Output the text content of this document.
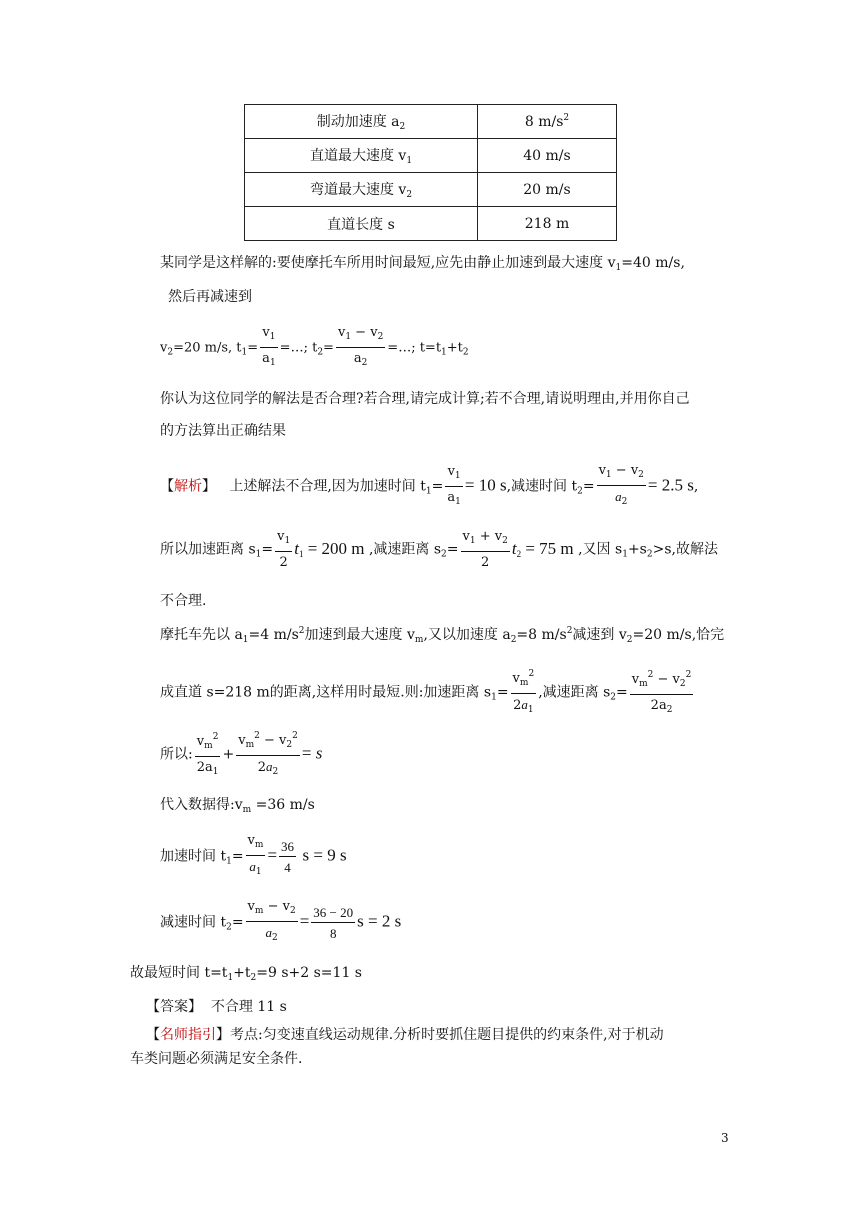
制动加速度 $a_2$	8 $m/s^2$
直道最大速度 $v_1$	40 m/s
弯道最大速度 $v_2$	20 m/s
直道长度 s	218 m
某同学是这样解的:要使摩托车所用时间最短,应先由静止加速到最大速度 $v_1=40$ m/s,
然后再减速到
$v_2=20$ m/s, $t_1= \frac{v_1}{a_1}$ =…; $t_2= \frac{v_1 - v_2}{a_2}$ =…; $t=t_1+t_2$
你认为这位同学的解法是否合理?若合理,请完成计算;若不合理,请说明理由,并用你自己
的方法算出正确结果
【解析】 上述解法不合理,因为加速时间 $t_1= \frac{v_1}{a_1} = 10$ s,减速时间 $t_2= \frac{v_1 - v_2}{a_2} = 2.5$ s,
所以加速距离 $s_1= \frac{v_1}{2} t_1 = 200$ m ,减速距离 $s_2= \frac{v_1 + v_2}{2} t_2 = 75$ m ,又因 $s_1+s_2>s$,故解法
不合理.
摩托车先以 $a_1=4$ $m/s^2$加速到最大速度 $v_m$,又以加速度 $a_2=8$ $m/s^2$减速到 $v_2=20$ m/s,恰完
成直道 s=218 m的距离,这样用时最短.则:加速距离 $s_1= \frac{v_m^2}{2a_1}$ ,减速距离 $s_2= \frac{v_m^2 - v_2^2}{2a_2}$
所以: $\frac{v_m^2}{2a_1} + \frac{v_m^2 - v_2^2}{2a_2} = s$
代入数据得$:v_m =36$ m/s
加速时间 $t_1= \frac{v_m}{a_1} = \frac{36}{4}$ s = 9 s
减速时间 $t_2= \frac{v_m - v_2}{a_2} = \frac{36 - 20}{8}$ s = 2 s
故最短时间 $t=t_1+t_2=9$ s+2 s=11 s
【答案】 不合理 11 s
【名师指引】考点:匀变速直线运动规律.分析时要抓住题目提供的约束条件,对于机动
车类问题必须满足安全条件.
3
